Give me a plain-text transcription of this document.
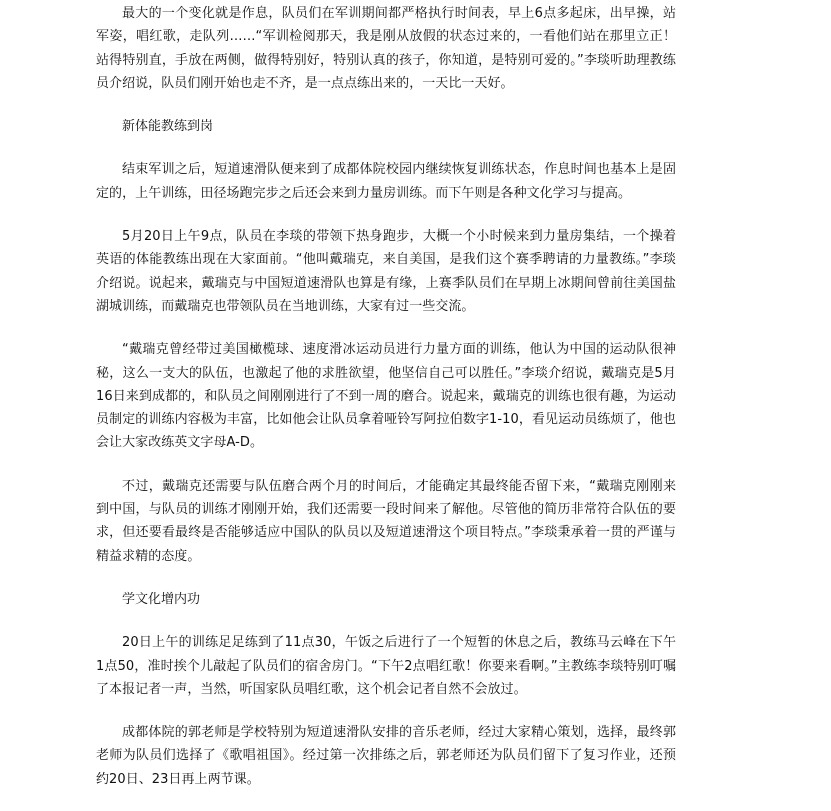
最大的一个变化就是作息，队员们在军训期间都严格执行时间表，早上6点多起床，出早操，站军姿，唱红歌，走队列……“军训检阅那天，我是刚从放假的状态过来的，一看他们站在那里立正！站得特别直，手放在两侧，做得特别好，特别认真的孩子，你知道，是特别可爱的。”李琰听助理教练员介绍说，队员们刚开始也走不齐，是一点点练出来的，一天比一天好。

新体能教练到岗

结束军训之后，短道速滑队便来到了成都体院校园内继续恢复训练状态，作息时间也基本上是固定的，上午训练，田径场跑完步之后还会来到力量房训练。而下午则是各种文化学习与提高。

5月20日上午9点，队员在李琰的带领下热身跑步，大概一个小时候来到力量房集结，一个操着英语的体能教练出现在大家面前。“他叫戴瑞克，来自美国，是我们这个赛季聘请的力量教练。”李琰介绍说。说起来，戴瑞克与中国短道速滑队也算是有缘，上赛季队员们在早期上冰期间曾前往美国盐湖城训练，而戴瑞克也带领队员在当地训练，大家有过一些交流。

“戴瑞克曾经带过美国橄榄球、速度滑冰运动员进行力量方面的训练，他认为中国的运动队很神秘，这么一支大的队伍，也激起了他的求胜欲望，他坚信自己可以胜任。”李琰介绍说，戴瑞克是5月16日来到成都的，和队员之间刚刚进行了不到一周的磨合。说起来，戴瑞克的训练也很有趣，为运动员制定的训练内容极为丰富，比如他会让队员拿着哑铃写阿拉伯数字1-10，看见运动员练烦了，他也会让大家改练英文字母A-D。

不过，戴瑞克还需要与队伍磨合两个月的时间后，才能确定其最终能否留下来，“戴瑞克刚刚来到中国，与队员的训练才刚刚开始，我们还需要一段时间来了解他。尽管他的简历非常符合队伍的要求，但还要看最终是否能够适应中国队的队员以及短道速滑这个项目特点。”李琰秉承着一贯的严谨与精益求精的态度。

学文化增内功

20日上午的训练足足练到了11点30，午饭之后进行了一个短暂的休息之后，教练马云峰在下午1点50，准时挨个儿敲起了队员们的宿舍房门。“下午2点唱红歌！你要来看啊。”主教练李琰特别叮嘱了本报记者一声，当然，听国家队员唱红歌，这个机会记者自然不会放过。

成都体院的郭老师是学校特别为短道速滑队安排的音乐老师，经过大家精心策划，选择，最终郭老师为队员们选择了《歌唱祖国》。经过第一次排练之后，郭老师还为队员们留下了复习作业，还预约20日、23日再上两节课。
